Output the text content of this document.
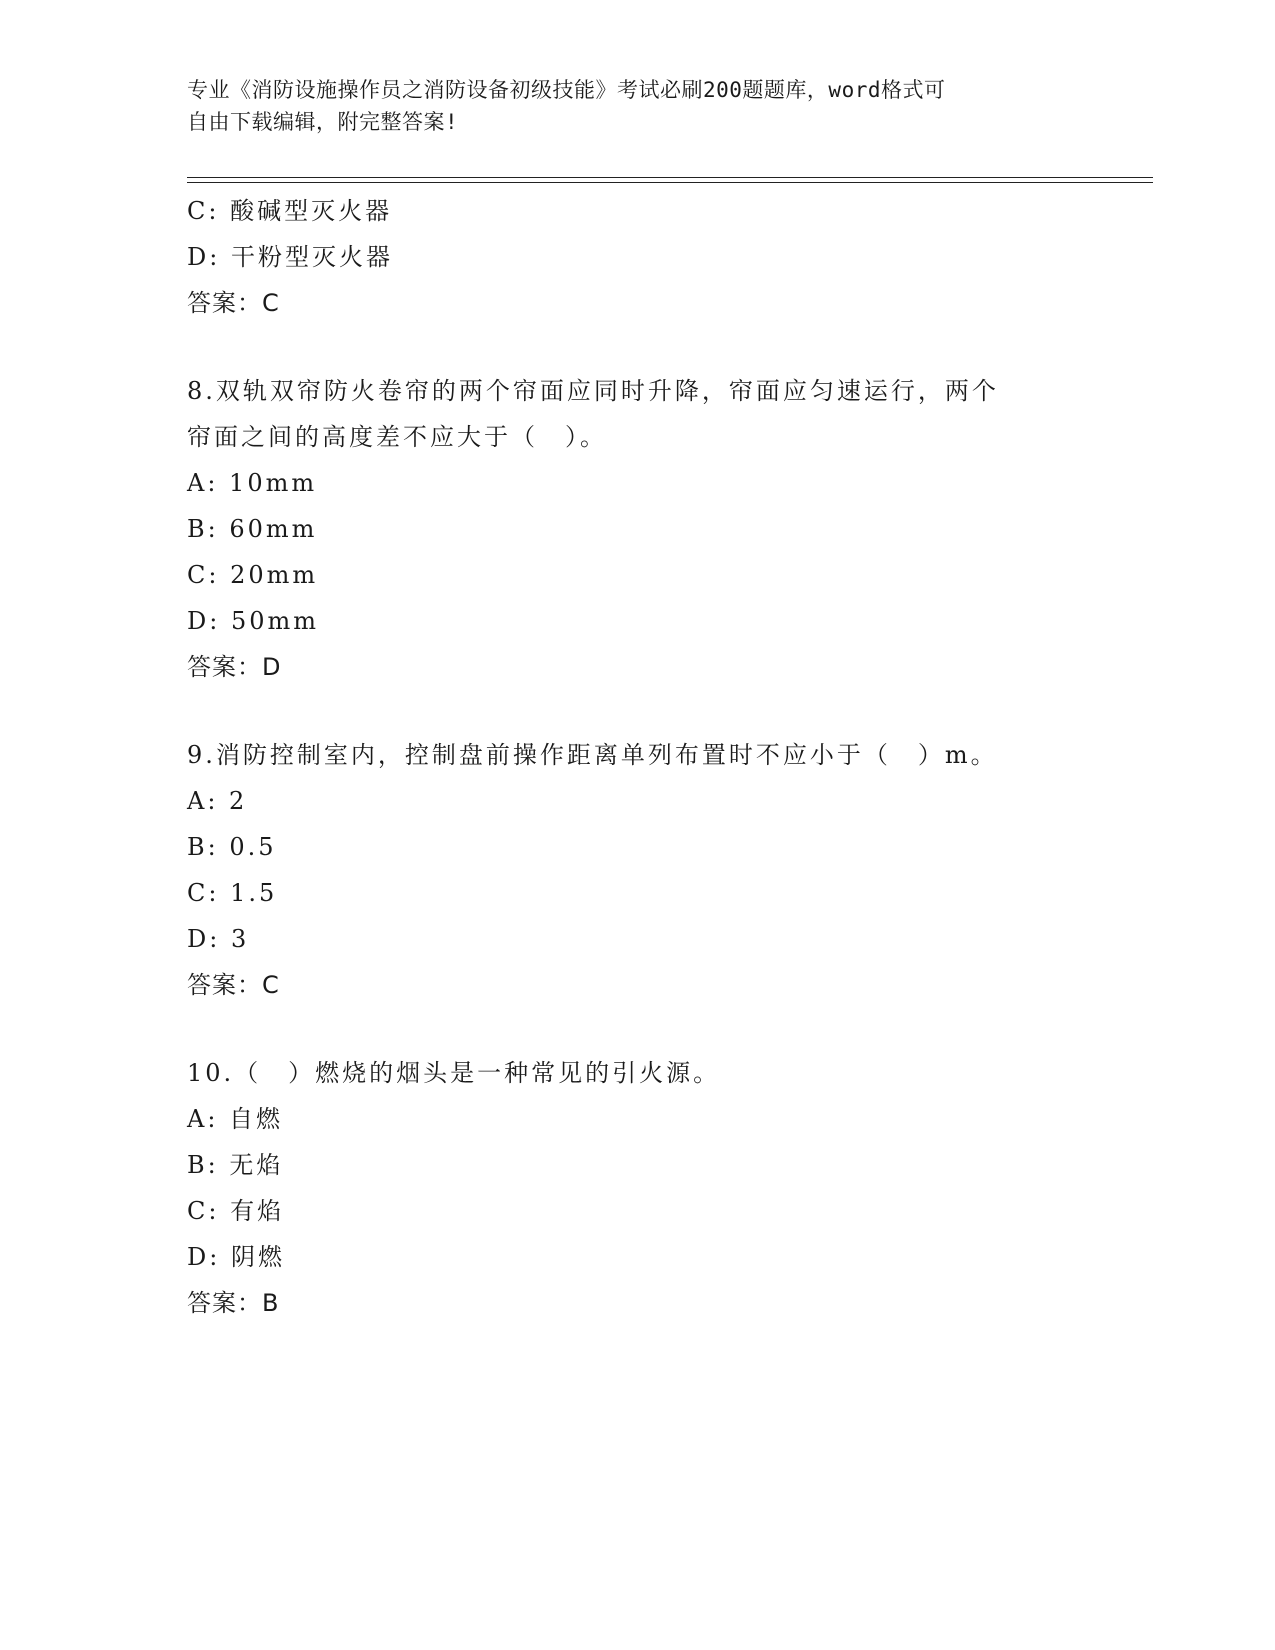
专业《消防设施操作员之消防设备初级技能》考试必刷200题题库，word格式可
自由下载编辑，附完整答案!
C: 酸碱型灭火器
D: 干粉型灭火器
答案：C
8.双轨双帘防火卷帘的两个帘面应同时升降，帘面应匀速运行，两个
帘面之间的高度差不应大于（　）。
A: 10mm
B: 60mm
C: 20mm
D: 50mm
答案：D
9.消防控制室内，控制盘前操作距离单列布置时不应小于（　）m。
A: 2
B: 0.5
C: 1.5
D: 3
答案：C
10.（　）燃烧的烟头是一种常见的引火源。
A: 自燃
B: 无焰
C: 有焰
D: 阴燃
答案：B
